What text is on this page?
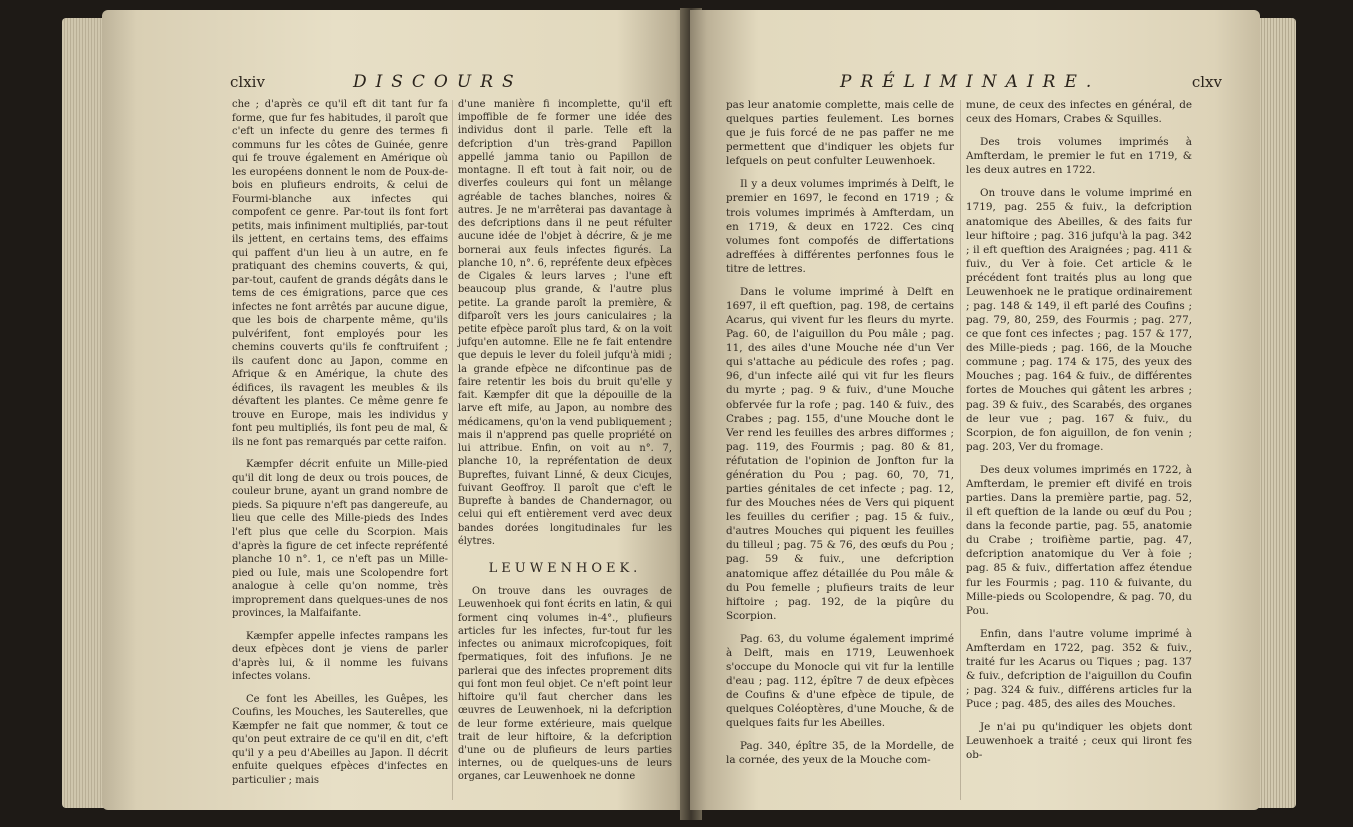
clxiv	DISCOURS

che ; d'après ce qu'il eft dit tant fur fa forme, que fur fes habitudes, il paroît que c'eft un infecte du genre des termes fi communs fur les côtes de Guinée, genre qui fe trouve également en Amérique où les européens donnent le nom de Poux-de-bois en plufieurs endroits, & celui de Fourmi-blanche aux infectes qui compofent ce genre. Par-tout ils font fort petits, mais infiniment multipliés, par-tout ils jettent, en certains tems, des effaims qui paffent d'un lieu à un autre, en fe pratiquant des chemins couverts, & qui, par-tout, caufent de grands dégâts dans le tems de ces émigrations, parce que ces infectes ne font arrêtés par aucune digue, que les bois de charpente même, qu'ils pulvérifent, font employés pour les chemins couverts qu'ils fe conftruifent ; ils caufent donc au Japon, comme en Afrique & en Amérique, la chute des édifices, ils ravagent les meubles & ils dévaftent les plantes. Ce même genre fe trouve en Europe, mais les individus y font peu multipliés, ils font peu de mal, & ils ne font pas remarqués par cette raifon.

Kæmpfer décrit enfuite un Mille-pied qu'il dit long de deux ou trois pouces, de couleur brune, ayant un grand nombre de pieds. Sa piquure n'eft pas dangereufe, au lieu que celle des Mille-pieds des Indes l'eft plus que celle du Scorpion. Mais d'après la figure de cet infecte repréfenté planche 10 n°. 1, ce n'eft pas un Mille-pied ou Iule, mais une Scolopendre fort analogue à celle qu'on nomme, très improprement dans quelques-unes de nos provinces, la Malfaifante.

Kæmpfer appelle infectes rampans les deux efpèces dont je viens de parler d'après lui, & il nomme les fuivans infectes volans.

Ce font les Abeilles, les Guêpes, les Coufins, les Mouches, les Sauterelles, que Kæmpfer ne fait que nommer, & tout ce qu'on peut extraire de ce qu'il en dit, c'eft qu'il y a peu d'Abeilles au Japon. Il décrit enfuite quelques efpèces d'infectes en particulier ; mais

d'une manière fi incomplette, qu'il eft impoffible de fe former une idée des individus dont il parle. Telle eft la defcription d'un très-grand Papillon appellé jamma tanio ou Papillon de montagne. Il eft tout à fait noir, ou de diverfes couleurs qui font un mêlange agréable de taches blanches, noires & autres. Je ne m'arrêterai pas davantage à des defcriptions dans il ne peut réfulter aucune idée de l'objet à décrire, & je me bornerai aux feuls infectes figurés. La planche 10, n°. 6, repréfente deux efpèces de Cigales & leurs larves ; l'une eft beaucoup plus grande, & l'autre plus petite. La grande paroît la première, & difparoît vers les jours caniculaires ; la petite efpèce paroît plus tard, & on la voit jufqu'en automne. Elle ne fe fait entendre que depuis le lever du foleil jufqu'à midi ; la grande efpèce ne difcontinue pas de faire retentir les bois du bruit qu'elle y fait. Kæmpfer dit que la dépouille de la larve eft mife, au Japon, au nombre des médicamens, qu'on la vend publiquement ; mais il n'apprend pas quelle propriété on lui attribue. Enfin, on voit au n°. 7, planche 10, la repréfentation de deux Bupreftes, fuivant Linné, & deux Cicujes, fuivant Geoffroy. Il paroît que c'eft le Buprefte à bandes de Chandernagor, ou celui qui eft entièrement verd avec deux bandes dorées longitudinales fur les élytres.

LEUWENHOEK.

On trouve dans les ouvrages de Leuwenhoek qui font écrits en latin, & qui forment cinq volumes in-4°., plufieurs articles fur les infectes, fur-tout fur les infectes ou animaux microfcopiques, foit fpermatiques, foit des infufions. Je ne parlerai que des infectes proprement dits qui font mon feul objet. Ce n'eft point leur hiftoire qu'il faut chercher dans les œuvres de Leuwenhoek, ni la defcription de leur forme extérieure, mais quelque trait de leur hiftoire, & la defcription d'une ou de plufieurs de leurs parties internes, ou de quelques-uns de leurs organes, car Leuwenhoek ne donne

PRÉLIMINAIRE.	clxv

pas leur anatomie complette, mais celle de quelques parties feulement. Les bornes que je fuis forcé de ne pas paffer ne me permettent que d'indiquer les objets fur lefquels on peut confulter Leuwenhoek.

Il y a deux volumes imprimés à Delft, le premier en 1697, le fecond en 1719 ; & trois volumes imprimés à Amfterdam, un en 1719, & deux en 1722. Ces cinq volumes font compofés de differtations adreffées à différentes perfonnes fous le titre de lettres.

Dans le volume imprimé à Delft en 1697, il eft queftion, pag. 198, de certains Acarus, qui vivent fur les fleurs du myrte. Pag. 60, de l'aiguillon du Pou mâle ; pag. 11, des ailes d'une Mouche née d'un Ver qui s'attache au pédicule des rofes ; pag. 96, d'un infecte ailé qui vit fur les fleurs du myrte ; pag. 9 & fuiv., d'une Mouche obfervée fur la rofe ; pag. 140 & fuiv., des Crabes ; pag. 155, d'une Mouche dont le Ver rend les feuilles des arbres difformes ; pag. 119, des Fourmis ; pag. 80 & 81, réfutation de l'opinion de Jonfton fur la génération du Pou ; pag. 60, 70, 71, parties génitales de cet infecte ; pag. 12, fur des Mouches nées de Vers qui piquent les feuilles du cerifier ; pag. 15 & fuiv., d'autres Mouches qui piquent les feuilles du tilleul ; pag. 75 & 76, des œufs du Pou ; pag. 59 & fuiv., une defcription anatomique affez détaillée du Pou mâle & du Pou femelle ; plufieurs traits de leur hiftoire ; pag. 192, de la piqûre du Scorpion.

Pag. 63, du volume également imprimé à Delft, mais en 1719, Leuwenhoek s'occupe du Monocle qui vit fur la lentille d'eau ; pag. 112, épître 7 de deux efpèces de Coufins & d'une efpèce de tipule, de quelques Coléoptères, d'une Mouche, & de quelques faits fur les Abeilles.

Pag. 340, épître 35, de la Mordelle, de la cornée, des yeux de la Mouche com-

mune, de ceux des infectes en général, de ceux des Homars, Crabes & Squilles.

Des trois volumes imprimés à Amfterdam, le premier le fut en 1719, & les deux autres en 1722.

On trouve dans le volume imprimé en 1719, pag. 255 & fuiv., la defcription anatomique des Abeilles, & des faits fur leur hiftoire ; pag. 316 jufqu'à la pag. 342 ; il eft queftion des Araignées ; pag. 411 & fuiv., du Ver à foie. Cet article & le précédent font traités plus au long que Leuwenhoek ne le pratique ordinairement ; pag. 148 & 149, il eft parlé des Coufins ; pag. 79, 80, 259, des Fourmis ; pag. 277, ce que font ces infectes ; pag. 157 & 177, des Mille-pieds ; pag. 166, de la Mouche commune ; pag. 174 & 175, des yeux des Mouches ; pag. 164 & fuiv., de différentes fortes de Mouches qui gâtent les arbres ; pag. 39 & fuiv., des Scarabés, des organes de leur vue ; pag. 167 & fuiv., du Scorpion, de fon aiguillon, de fon venin ; pag. 203, Ver du fromage.

Des deux volumes imprimés en 1722, à Amfterdam, le premier eft divifé en trois parties. Dans la première partie, pag. 52, il eft queftion de la lande ou œuf du Pou ; dans la feconde partie, pag. 55, anatomie du Crabe ; troifième partie, pag. 47, defcription anatomique du Ver à foie ; pag. 85 & fuiv., differtation affez étendue fur les Fourmis ; pag. 110 & fuivante, du Mille-pieds ou Scolopendre, & pag. 70, du Pou.

Enfin, dans l'autre volume imprimé à Amfterdam en 1722, pag. 352 & fuiv., traité fur les Acarus ou Tiques ; pag. 137 & fuiv., defcription de l'aiguillon du Coufin ; pag. 324 & fuiv., différens articles fur la Puce ; pag. 485, des ailes des Mouches.

Je n'ai pu qu'indiquer les objets dont Leuwenhoek a traité ; ceux qui liront fes ob-
